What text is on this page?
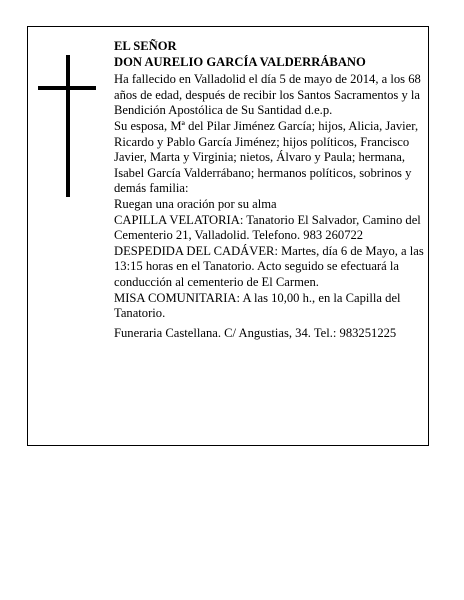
EL SEÑOR
DON AURELIO GARCÍA VALDERRÁBANO

Ha fallecido en Valladolid el día 5 de mayo de 2014, a los 68 años de edad, después de recibir los Santos Sacramentos y la Bendición Apostólica de Su Santidad d.e.p.

Su esposa, Mª del Pilar Jiménez García; hijos, Alicia, Javier, Ricardo y Pablo García Jiménez; hijos políticos, Francisco Javier, Marta y Virginia; nietos, Álvaro y Paula; hermana, Isabel García Valderrábano; hermanos políticos, sobrinos y demás familia:

Ruegan una oración por su alma

CAPILLA VELATORIA: Tanatorio El Salvador, Camino del Cementerio 21, Valladolid. Telefono. 983 260722

DESPEDIDA DEL CADÁVER: Martes, día 6 de Mayo, a las 13:15 horas en el Tanatorio. Acto seguido se efectuará la conducción al cementerio de El Carmen.

MISA COMUNITARIA: A las 10,00 h., en la Capilla del Tanatorio.

Funeraria Castellana. C/ Angustias, 34. Tel.: 983251225
